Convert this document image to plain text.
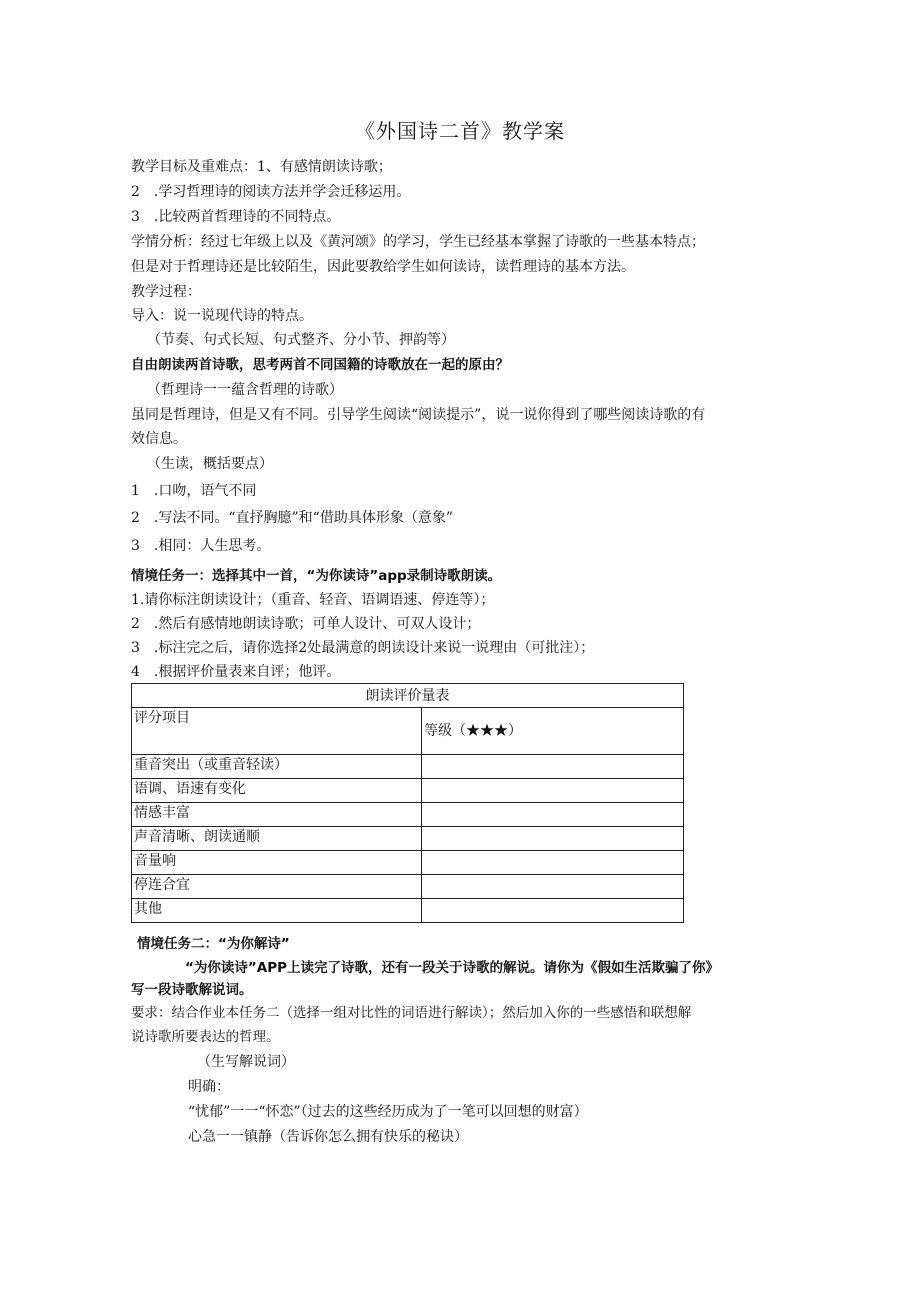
《外国诗二首》教学案
教学目标及重难点：1、有感情朗读诗歌；
2　.学习哲理诗的阅读方法并学会迁移运用。
3　.比较两首哲理诗的不同特点。
学情分析：经过七年级上以及《黄河颂》的学习，学生已经基本掌握了诗歌的一些基本特点；
但是对于哲理诗还是比较陌生，因此要教给学生如何读诗，读哲理诗的基本方法。
教学过程：
导入：说一说现代诗的特点。
（节奏、句式长短、句式整齐、分小节、押韵等）
自由朗读两首诗歌，思考两首不同国籍的诗歌放在一起的原由？
（哲理诗一一蕴含哲理的诗歌）
虽同是哲理诗，但是又有不同。引导学生阅读“阅读提示”，说一说你得到了哪些阅读诗歌的有
效信息。
（生读，概括要点）
1　.口吻，语气不同
2　.写法不同。“直抒胸臆”和“借助具体形象（意象”
3　.相同：人生思考。
情境任务一：选择其中一首，“为你读诗”app录制诗歌朗读。
1.请你标注朗读设计；（重音、轻音、语调语速、停连等）；
2　.然后有感情地朗读诗歌；可单人设计、可双人设计；
3　.标注完之后，请你选择2处最满意的朗读设计来说一说理由（可批注）；
4　.根据评价量表来自评；他评。
朗读评价量表	
评分项目	等级（★★★）
重音突出（或重音轻读）	
语调、语速有变化	
情感丰富	
声音清晰、朗读通顺	
音量响	
停连合宜	
其他	
情境任务二：“为你解诗”
“为你读诗”APP上读完了诗歌，还有一段关于诗歌的解说。请你为《假如生活欺骗了你》
写一段诗歌解说词。
要求：结合作业本任务二（选择一组对比性的词语进行解读）；然后加入你的一些感悟和联想解
说诗歌所要表达的哲理。
（生写解说词）
明确：
“忧郁”一一“怀恋”（过去的这些经历成为了一笔可以回想的财富）
心急一一镇静（告诉你怎么拥有快乐的秘诀）
